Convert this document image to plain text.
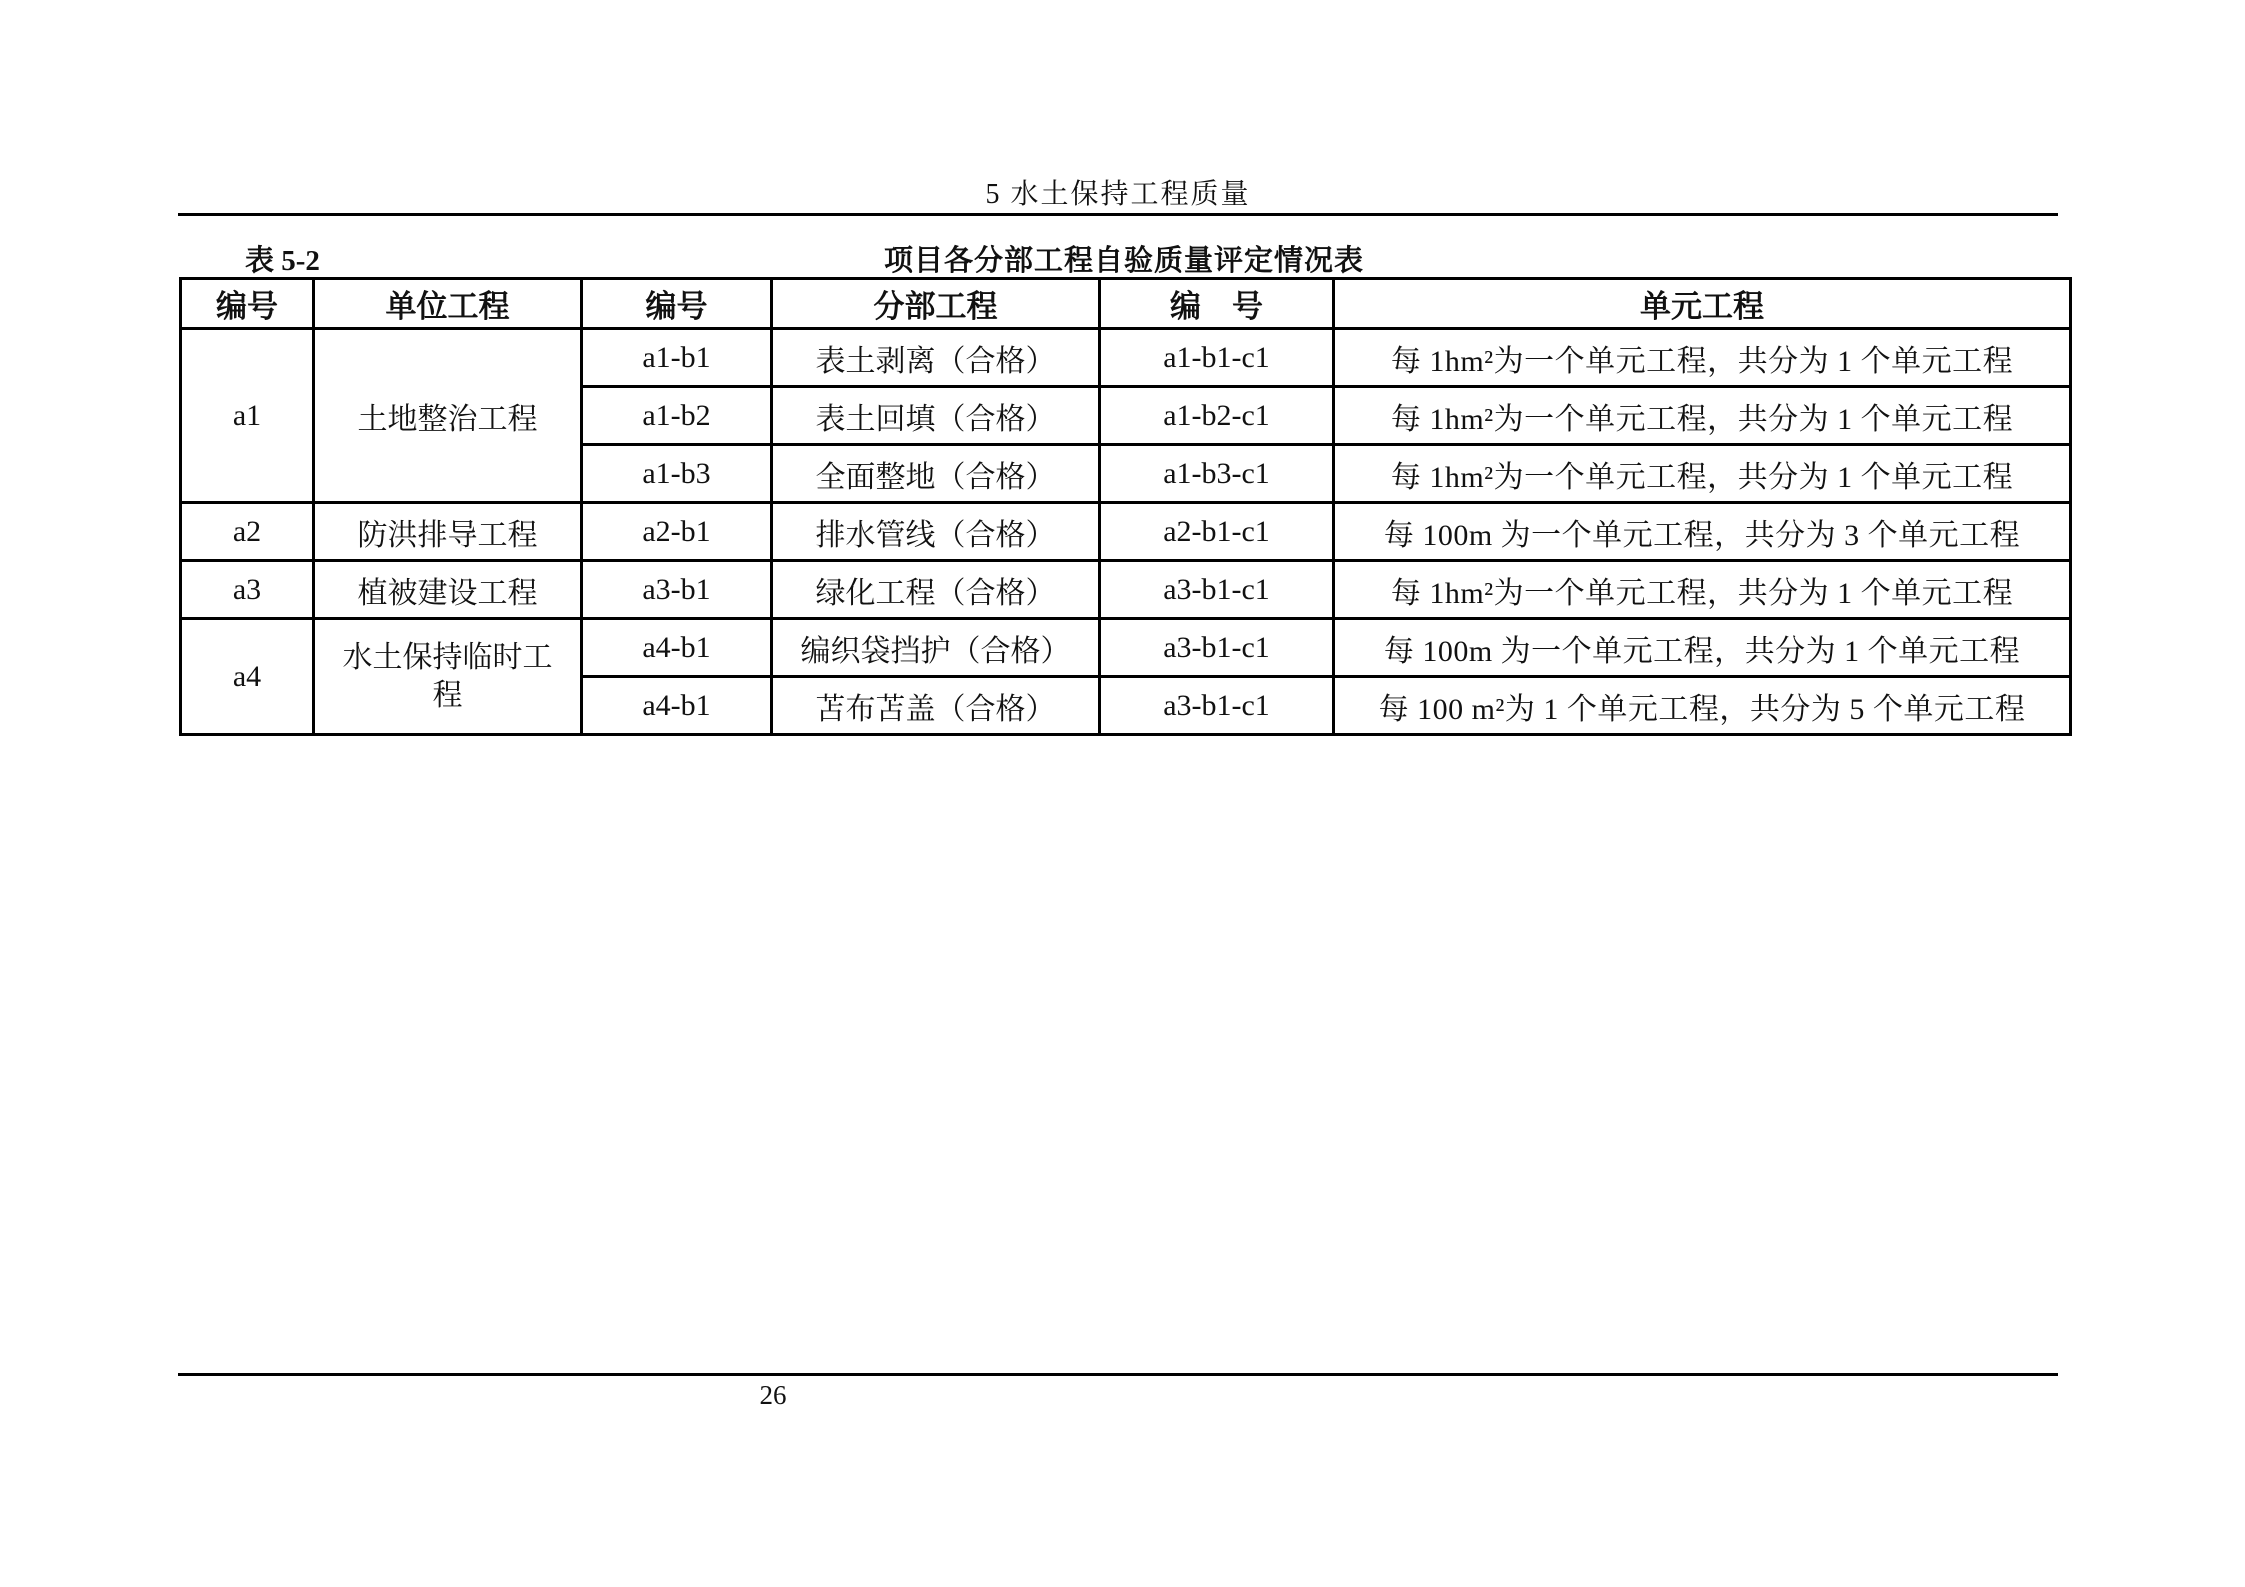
5 水土保持工程质量
表 5-2	项目各分部工程自验质量评定情况表
编号	单位工程	编号	分部工程	编　号	单元工程
a1	土地整治工程	a1-b1	表土剥离（合格）	a1-b1-c1	每 1hm²为一个单元工程，共分为 1 个单元工程
		a1-b2	表土回填（合格）	a1-b2-c1	每 1hm²为一个单元工程，共分为 1 个单元工程
		a1-b3	全面整地（合格）	a1-b3-c1	每 1hm²为一个单元工程，共分为 1 个单元工程
a2	防洪排导工程	a2-b1	排水管线（合格）	a2-b1-c1	每 100m 为一个单元工程，共分为 3 个单元工程
a3	植被建设工程	a3-b1	绿化工程（合格）	a3-b1-c1	每 1hm²为一个单元工程，共分为 1 个单元工程
a4	水土保持临时工程	a4-b1	编织袋挡护（合格）	a3-b1-c1	每 100m 为一个单元工程，共分为 1 个单元工程
		a4-b1	苫布苫盖（合格）	a3-b1-c1	每 100 m²为 1 个单元工程，共分为 5 个单元工程
26
